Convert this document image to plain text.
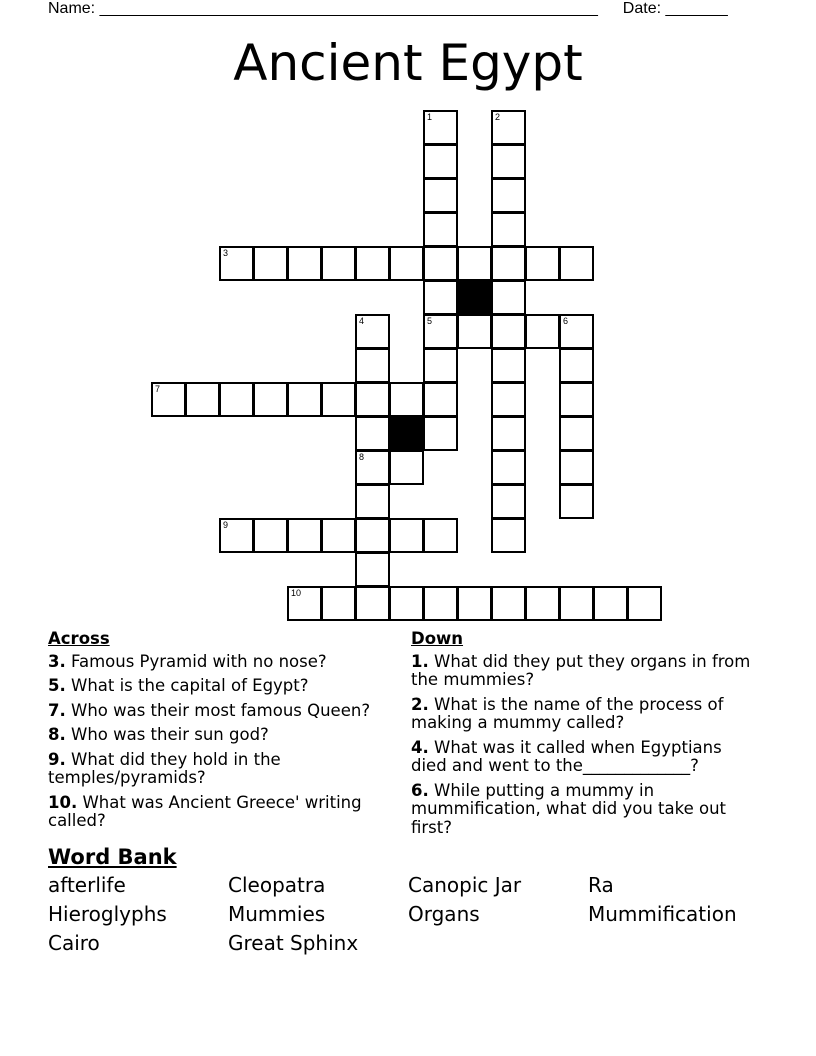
Name: ________________________________________________________ Date: _______
Ancient Egypt
3
5	6
7
8
9
10
1	2
4
Across
3. Famous Pyramid with no nose?
5. What is the capital of Egypt?
7. Who was their most famous Queen?
8. Who was their sun god?
9. What did they hold in the temples/pyramids?
10. What was Ancient Greece' writing called?
Down
1. What did they put they organs in from the mummies?
2. What is the name of the process of making a mummy called?
4. What was it called when Egyptians died and went to the_____________?
6. While putting a mummy in mummification, what did you take out first?
Word Bank
afterlife	Cleopatra	Canopic Jar	Ra
Hieroglyphs	Mummies	Organs	Mummification
Cairo	Great Sphinx
